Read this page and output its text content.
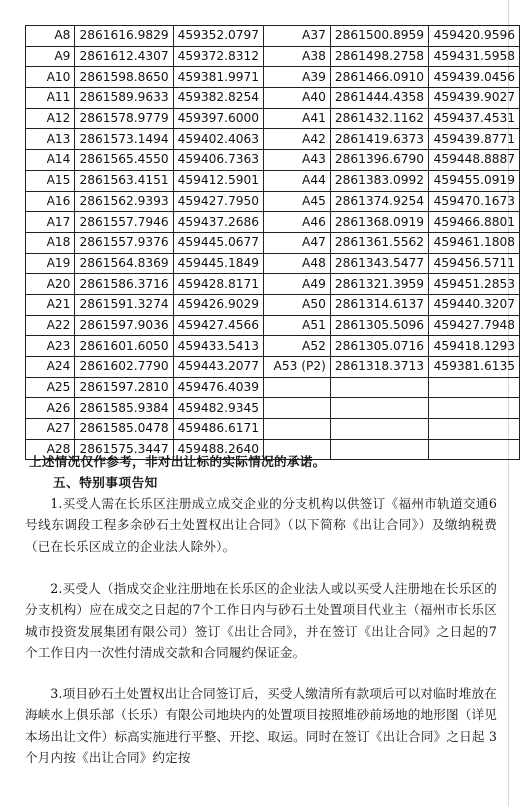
A8	2861616.9829	459352.0797	A37	2861500.8959	459420.9596
A9	2861612.4307	459372.8312	A38	2861498.2758	459431.5958
A10	2861598.8650	459381.9971	A39	2861466.0910	459439.0456
A11	2861589.9633	459382.8254	A40	2861444.4358	459439.9027
A12	2861578.9779	459397.6000	A41	2861432.1162	459437.4531
A13	2861573.1494	459402.4063	A42	2861419.6373	459439.8771
A14	2861565.4550	459406.7363	A43	2861396.6790	459448.8887
A15	2861563.4151	459412.5901	A44	2861383.0992	459455.0919
A16	2861562.9393	459427.7950	A45	2861374.9254	459470.1673
A17	2861557.7946	459437.2686	A46	2861368.0919	459466.8801
A18	2861557.9376	459445.0677	A47	2861361.5562	459461.1808
A19	2861564.8369	459445.1849	A48	2861343.5477	459456.5711
A20	2861586.3716	459428.8171	A49	2861321.3959	459451.2853
A21	2861591.3274	459426.9029	A50	2861314.6137	459440.3207
A22	2861597.9036	459427.4566	A51	2861305.5096	459427.7948
A23	2861601.6050	459433.5413	A52	2861305.0716	459418.1293
A24	2861602.7790	459443.2077	A53 (P2)	2861318.3713	459381.6135
A25	2861597.2810	459476.4039			
A26	2861585.9384	459482.9345			
A27	2861585.0478	459486.6171			
A28	2861575.3447	459488.2640			
上述情况仅作参考，非对出让标的实际情况的承诺。
五、特别事项告知
1.买受人需在长乐区注册成立成交企业的分支机构以供签订《福州市轨道交通6号线东调段工程多余砂石土处置权出让合同》（以下简称《出让合同》）及缴纳税费（已在长乐区成立的企业法人除外）。
2.买受人（指成交企业注册地在长乐区的企业法人或以买受人注册地在长乐区的分支机构）应在成交之日起的7个工作日内与砂石土处置项目代业主（福州市长乐区城市投资发展集团有限公司）签订《出让合同》，并在签订《出让合同》之日起的7个工作日内一次性付清成交款和合同履约保证金。
3.项目砂石土处置权出让合同签订后，买受人缴清所有款项后可以对临时堆放在海峡水上俱乐部（长乐）有限公司地块内的处置项目按照堆砂前场地的地形图（详见本场出让文件）标高实施进行平整、开挖、取运。同时在签订《出让合同》之日起 3个月内按《出让合同》约定按
